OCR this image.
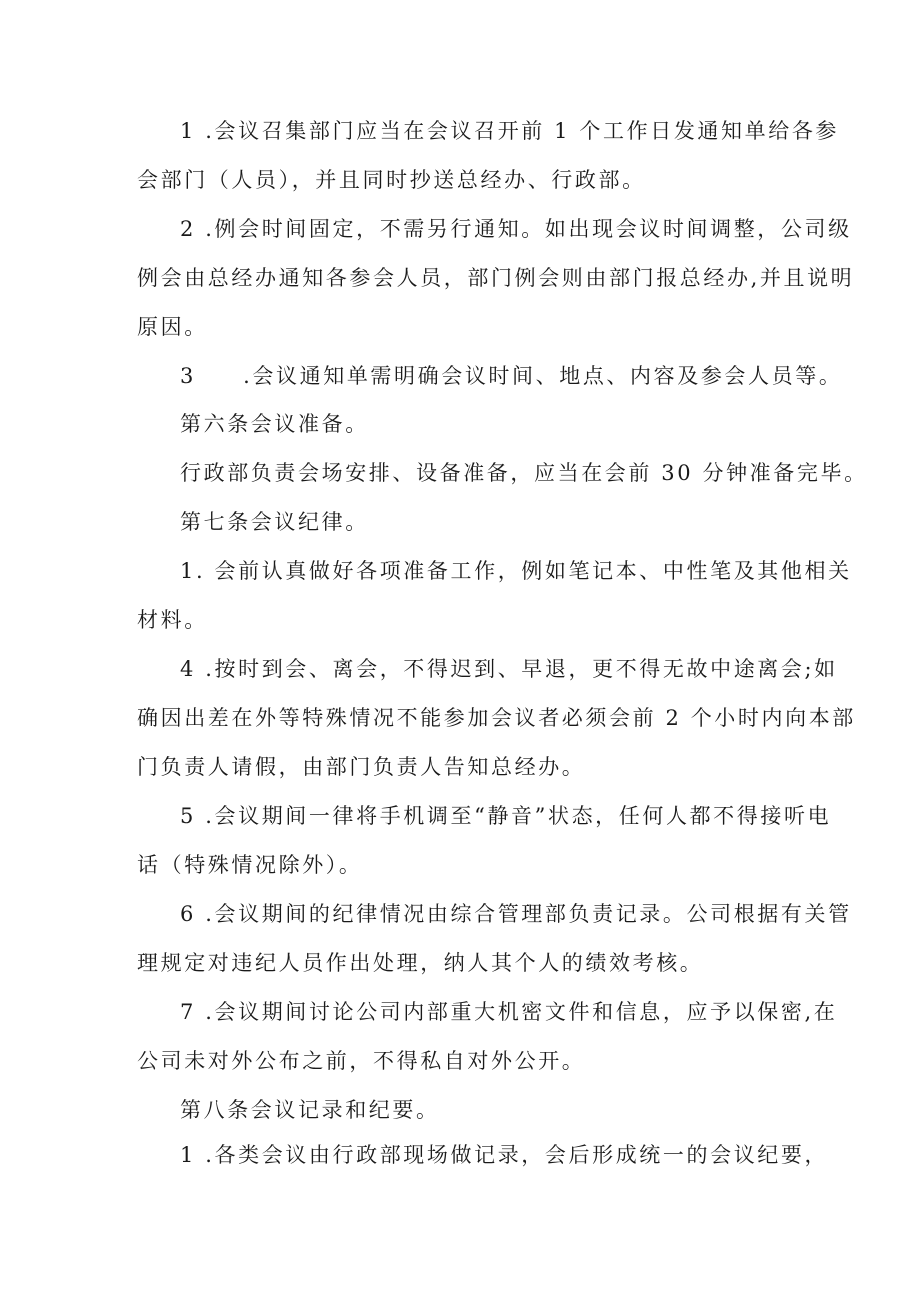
1 .会议召集部门应当在会议召开前 1 个工作日发通知单给各参
会部门（人员），并且同时抄送总经办、行政部。
2 .例会时间固定，不需另行通知。如出现会议时间调整，公司级
例会由总经办通知各参会人员，部门例会则由部门报总经办,并且说明
原因。
3　　.会议通知单需明确会议时间、地点、内容及参会人员等。
第六条会议准备。
行政部负责会场安排、设备准备，应当在会前 30 分钟准备完毕。
第七条会议纪律。
1. 会前认真做好各项准备工作，例如笔记本、中性笔及其他相关
材料。
4 .按时到会、离会，不得迟到、早退，更不得无故中途离会;如
确因出差在外等特殊情况不能参加会议者必须会前 2 个小时内向本部
门负责人请假，由部门负责人告知总经办。
5 .会议期间一律将手机调至“静音”状态，任何人都不得接听电
话（特殊情况除外）。
6 .会议期间的纪律情况由综合管理部负责记录。公司根据有关管
理规定对违纪人员作出处理，纳人其个人的绩效考核。
7 .会议期间讨论公司内部重大机密文件和信息，应予以保密,在
公司未对外公布之前，不得私自对外公开。
第八条会议记录和纪要。
1 .各类会议由行政部现场做记录，会后形成统一的会议纪要，
